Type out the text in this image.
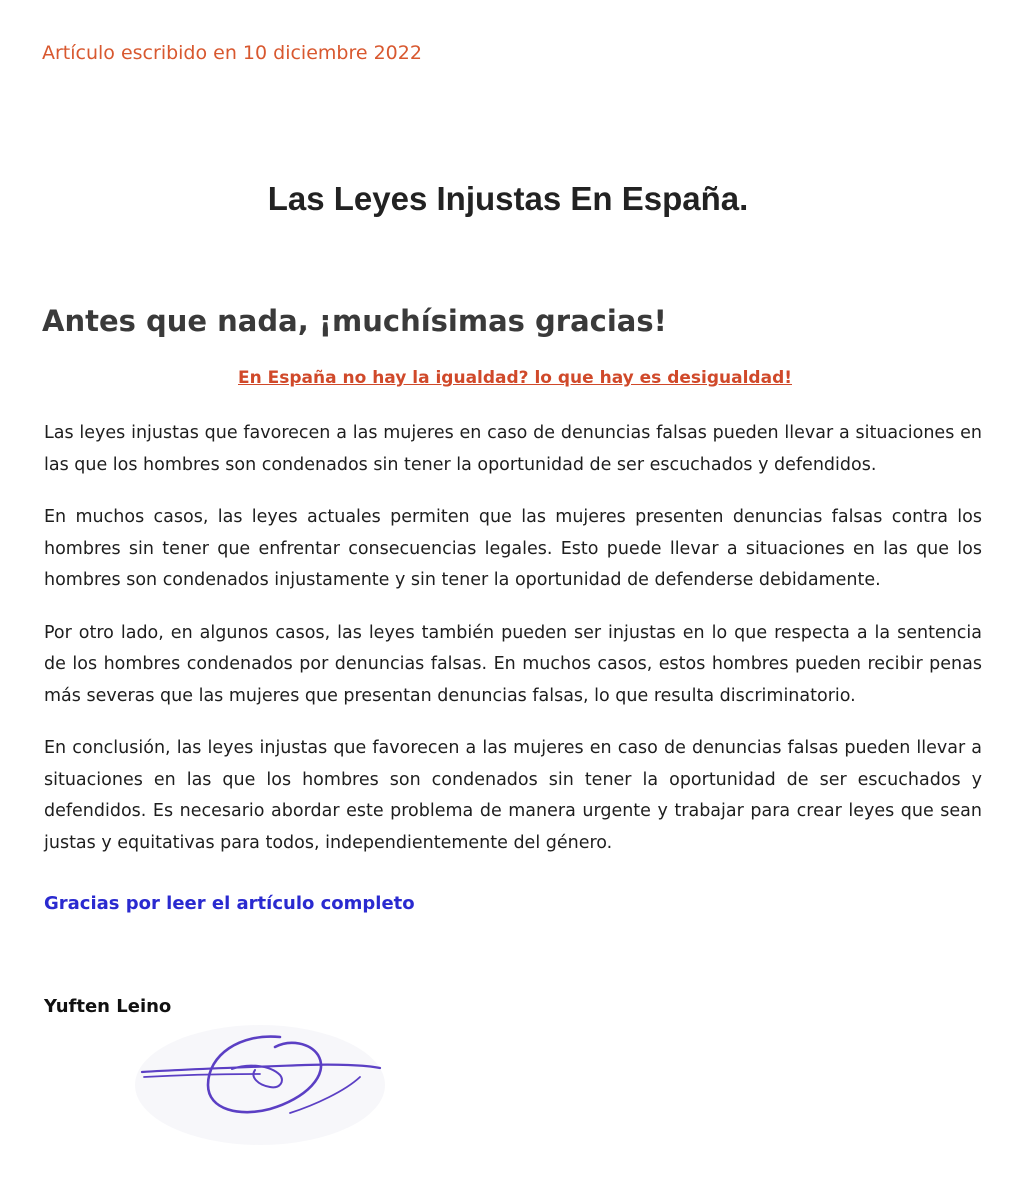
Artículo escribido en 10 diciembre 2022
Las Leyes Injustas En España.
Antes que nada, ¡muchísimas gracias!
En España no hay la igualdad? lo que hay es desigualdad!

Las leyes injustas que favorecen a las mujeres en caso de denuncias falsas pueden llevar a situaciones en las que los hombres son condenados sin tener la oportunidad de ser escuchados y defendidos.

En muchos casos, las leyes actuales permiten que las mujeres presenten denuncias falsas contra los hombres sin tener que enfrentar consecuencias legales. Esto puede llevar a situaciones en las que los hombres son condenados injustamente y sin tener la oportunidad de defenderse debidamente.

Por otro lado, en algunos casos, las leyes también pueden ser injustas en lo que respecta a la sentencia de los hombres condenados por denuncias falsas. En muchos casos, estos hombres pueden recibir penas más severas que las mujeres que presentan denuncias falsas, lo que resulta discriminatorio.

En conclusión, las leyes injustas que favorecen a las mujeres en caso de denuncias falsas pueden llevar a situaciones en las que los hombres son condenados sin tener la oportunidad de ser escuchados y defendidos. Es necesario abordar este problema de manera urgente y trabajar para crear leyes que sean justas y equitativas para todos, independientemente del género.

Gracias por leer el artículo completo
Yuften Leino
